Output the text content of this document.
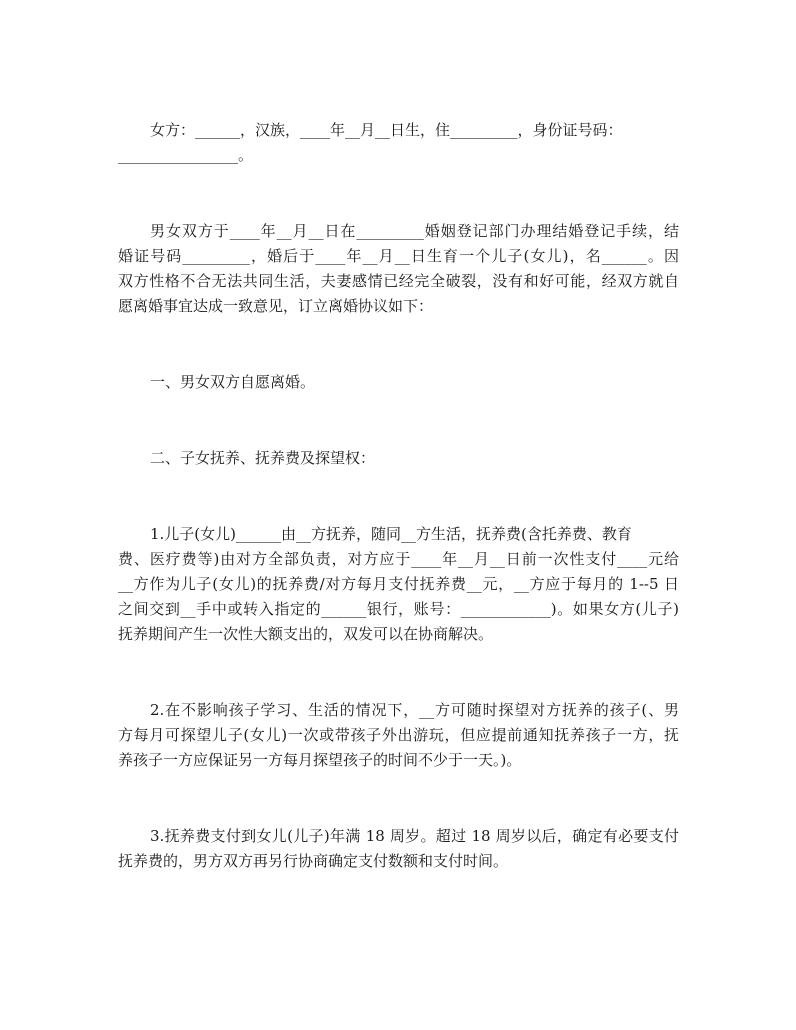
女方：______，汉族，____年__月__日生，住_________，身份证号码：
________________。
男女双方于____年__月__日在_________婚姻登记部门办理结婚登记手续，结
婚证号码_________，婚后于____年__月__日生育一个儿子(女儿)，名______。因
双方性格不合无法共同生活，夫妻感情已经完全破裂，没有和好可能，经双方就自
愿离婚事宜达成一致意见，订立离婚协议如下：
一、男女双方自愿离婚。
二、子女抚养、抚养费及探望权：
1.儿子(女儿)______由__方抚养，随同__方生活，抚养费(含托养费、教育
费、医疗费等)由对方全部负责，对方应于____年__月__日前一次性支付____元给
__方作为儿子(女儿)的抚养费/对方每月支付抚养费__元，__方应于每月的 1--5 日
之间交到__手中或转入指定的______银行，账号：____________)。如果女方(儿子)
抚养期间产生一次性大额支出的，双发可以在协商解决。
2.在不影响孩子学习、生活的情况下，__方可随时探望对方抚养的孩子(、男
方每月可探望儿子(女儿)一次或带孩子外出游玩，但应提前通知抚养孩子一方，抚
养孩子一方应保证另一方每月探望孩子的时间不少于一天。)。
3.抚养费支付到女儿(儿子)年满 18 周岁。超过 18 周岁以后，确定有必要支付
抚养费的，男方双方再另行协商确定支付数额和支付时间。
